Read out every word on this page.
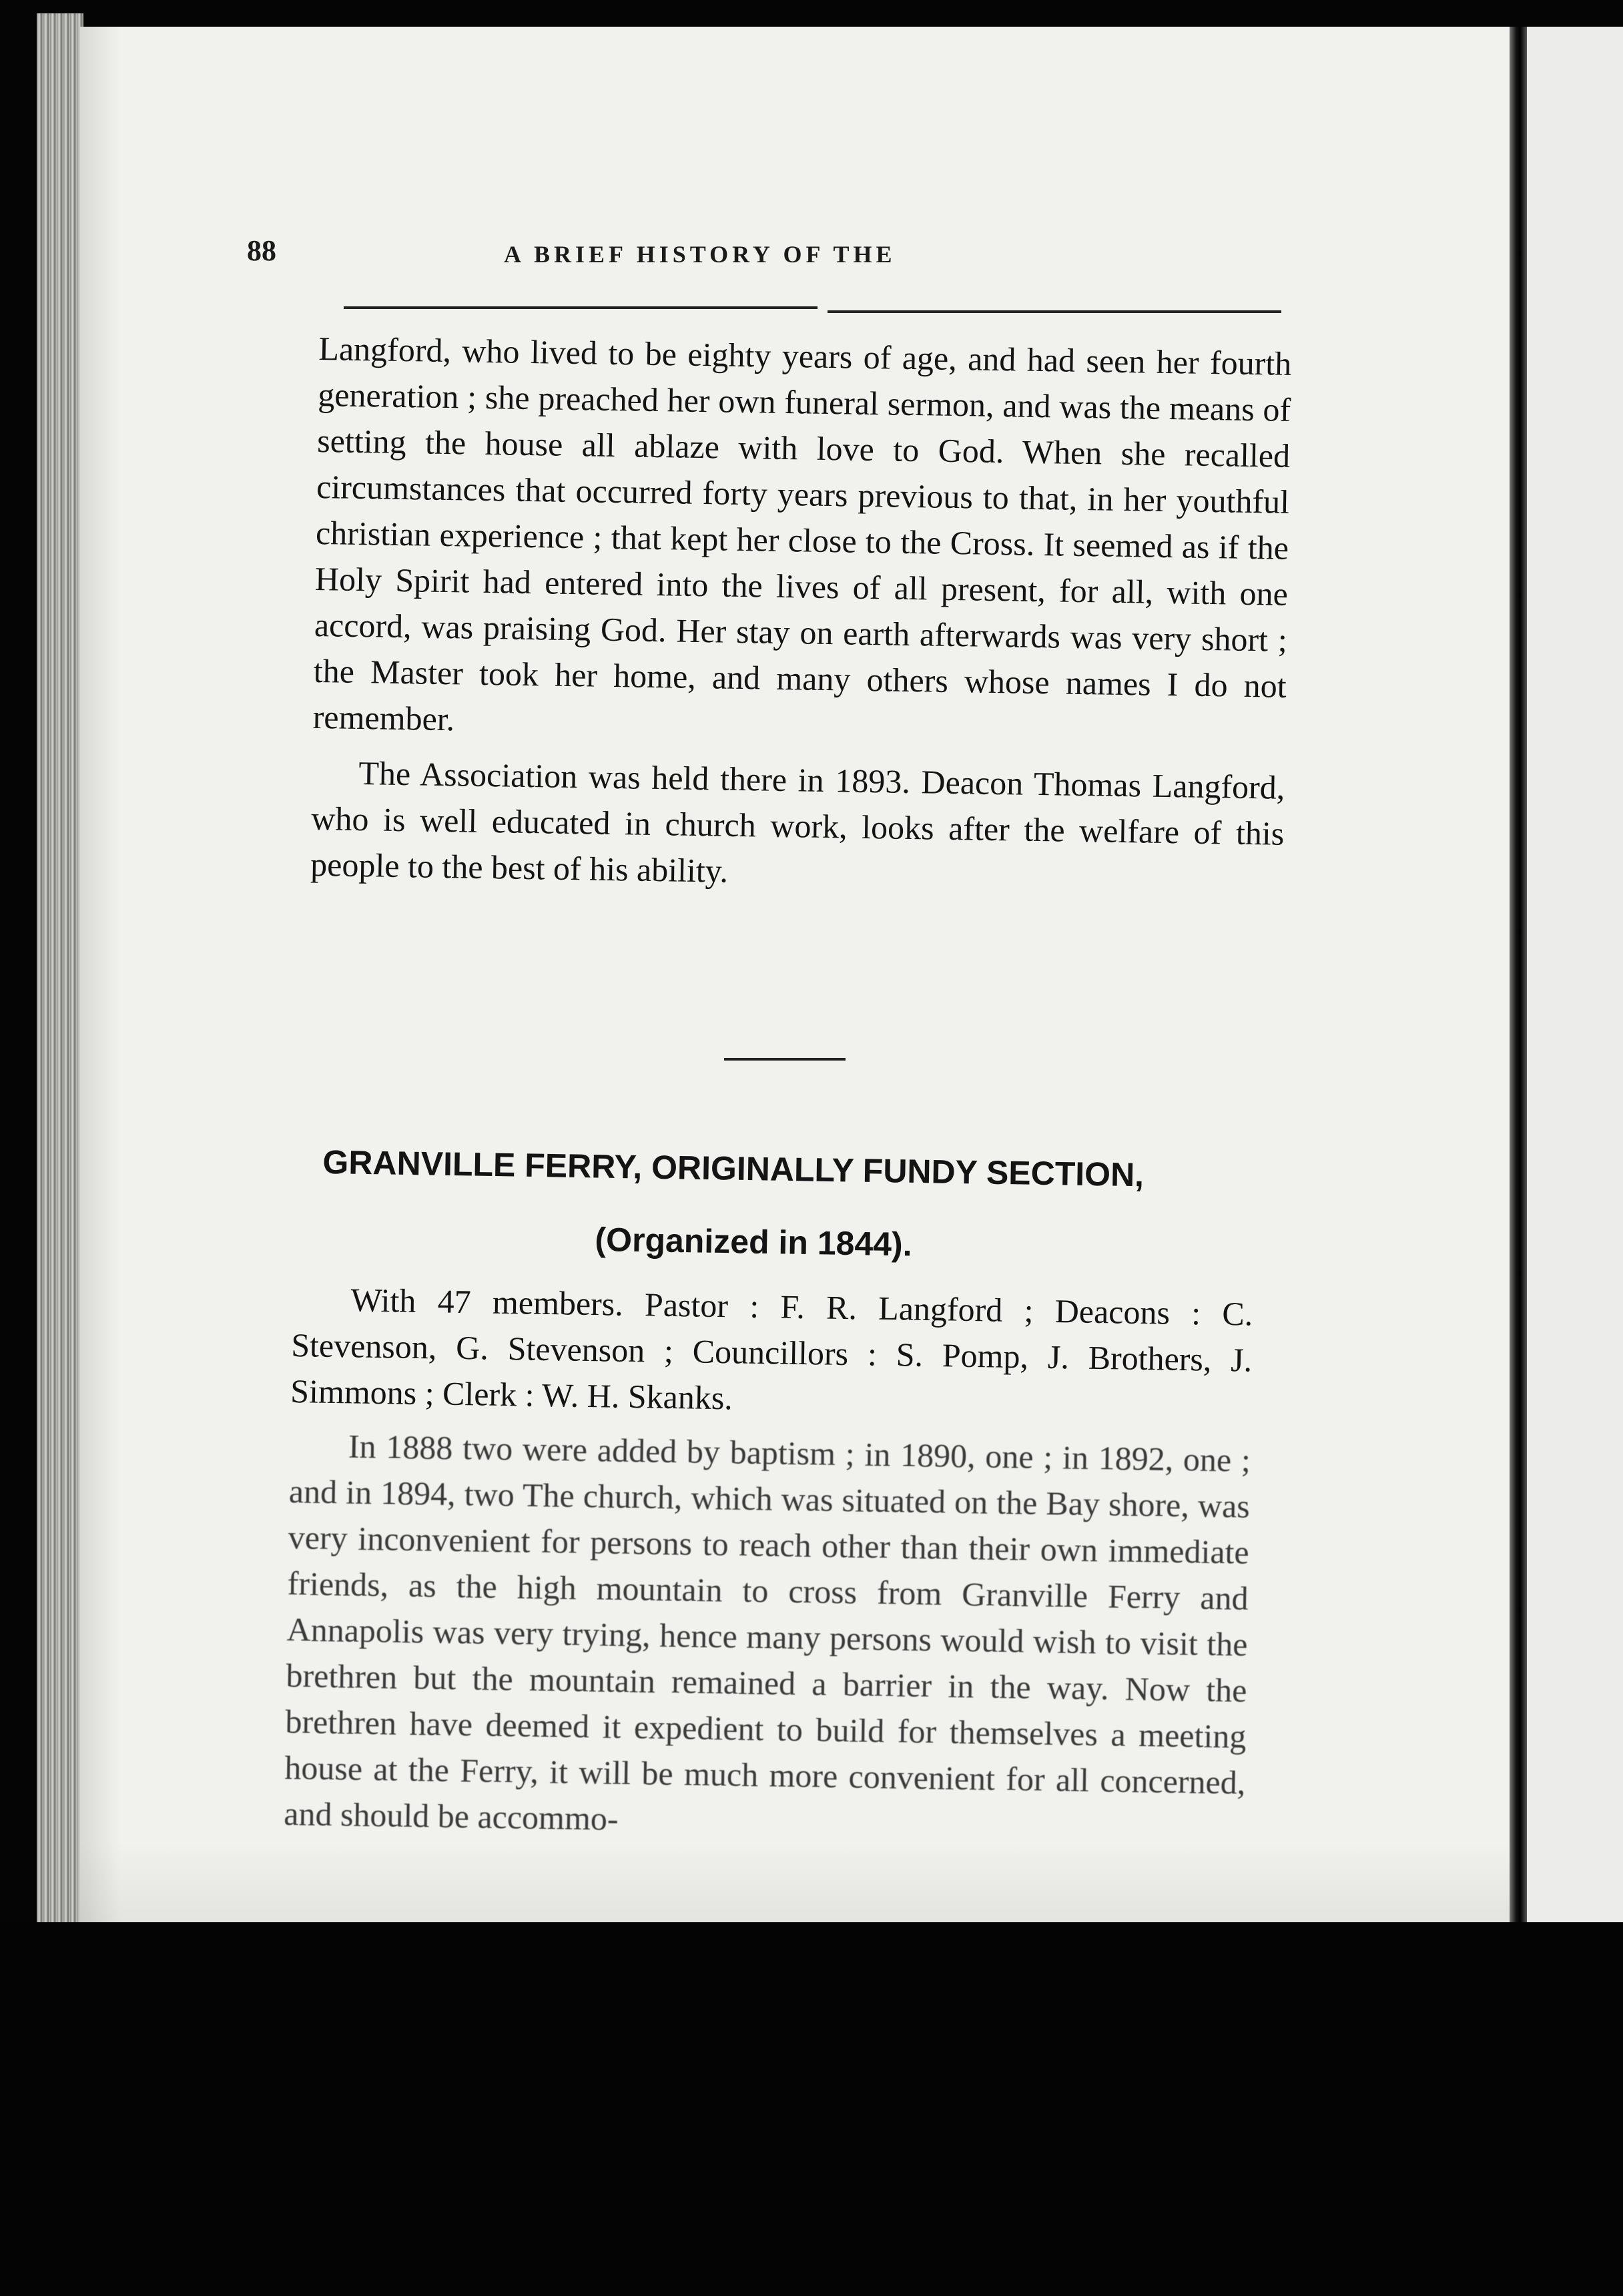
88	A BRIEF HISTORY OF THE

Langford, who lived to be eighty years of age, and had seen her fourth generation ; she preached her own funeral sermon, and was the means of setting the house all ablaze with love to God. When she recalled circumstances that occurred forty years previous to that, in her youthful christian experience ; that kept her close to the Cross. It seemed as if the Holy Spirit had entered into the lives of all present, for all, with one accord, was praising God. Her stay on earth afterwards was very short ; the Master took her home, and many others whose names I do not remember.

The Association was held there in 1893. Deacon Thomas Langford, who is well educated in church work, looks after the welfare of this people to the best of his ability.

GRANVILLE FERRY, ORIGINALLY FUNDY SECTION,
(Organized in 1844).

With 47 members. Pastor : F. R. Langford ; Deacons : C. Stevenson, G. Stevenson ; Councillors : S. Pomp, J. Brothers, J. Simmons ; Clerk : W. H. Skanks.

In 1888 two were added by baptism ; in 1890, one ; in 1892, one ; and in 1894, two The church, which was situated on the Bay shore, was very inconvenient for persons to reach other than their own immediate friends, as the high mountain to cross from Granville Ferry and Annapolis was very trying, hence many persons would wish to visit the brethren but the mountain remained a barrier in the way. Now the brethren have deemed it expedient to build for themselves a meeting house at the Ferry, it will be much more convenient for all concerned, and should be accommo-
